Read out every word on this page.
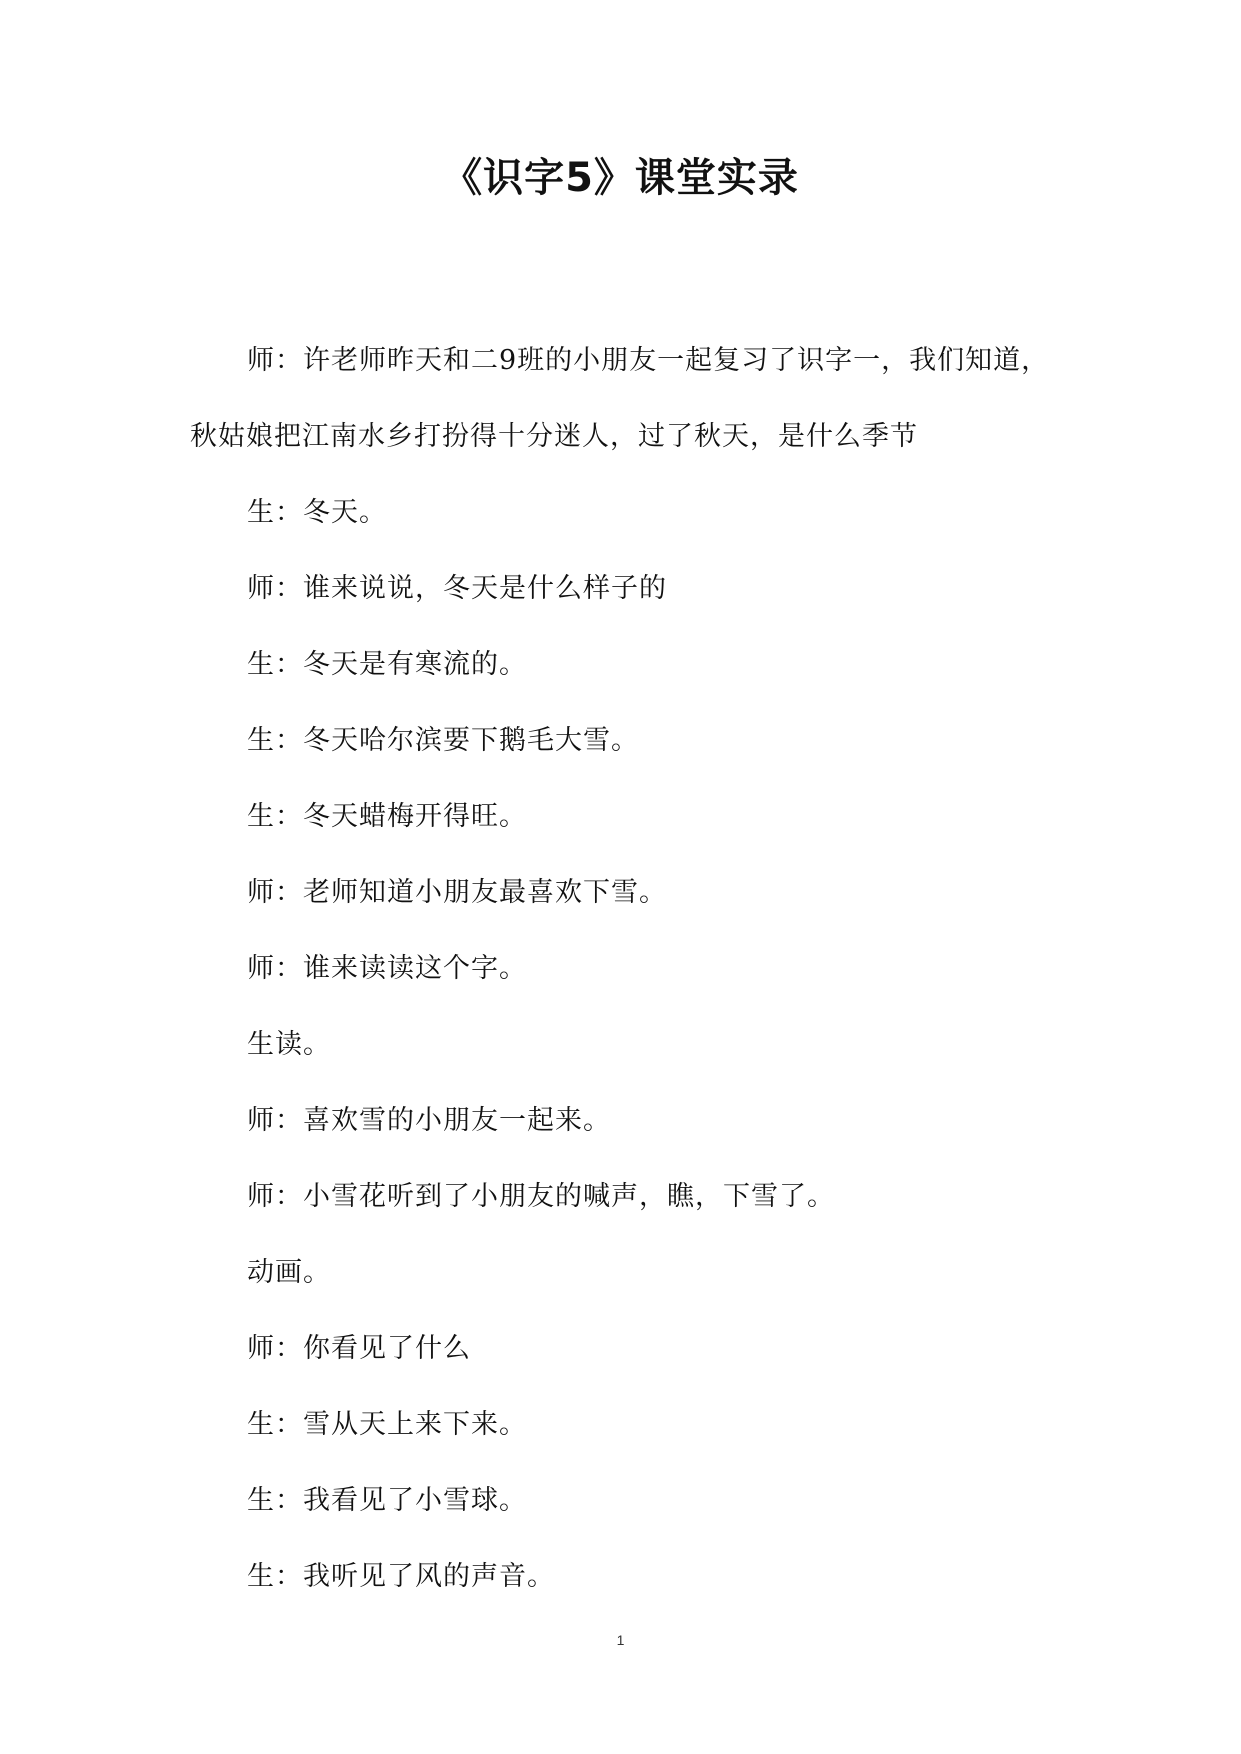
《识字5》课堂实录

师：许老师昨天和二9班的小朋友一起复习了识字一，我们知道，秋姑娘把江南水乡打扮得十分迷人，过了秋天，是什么季节

生：冬天。

师：谁来说说，冬天是什么样子的

生：冬天是有寒流的。

生：冬天哈尔滨要下鹅毛大雪。

生：冬天蜡梅开得旺。

师：老师知道小朋友最喜欢下雪。

师：谁来读读这个字。

生读。

师：喜欢雪的小朋友一起来。

师：小雪花听到了小朋友的喊声，瞧，下雪了。

动画。

师：你看见了什么

生：雪从天上来下来。

生：我看见了小雪球。

生：我听见了风的声音。

1
